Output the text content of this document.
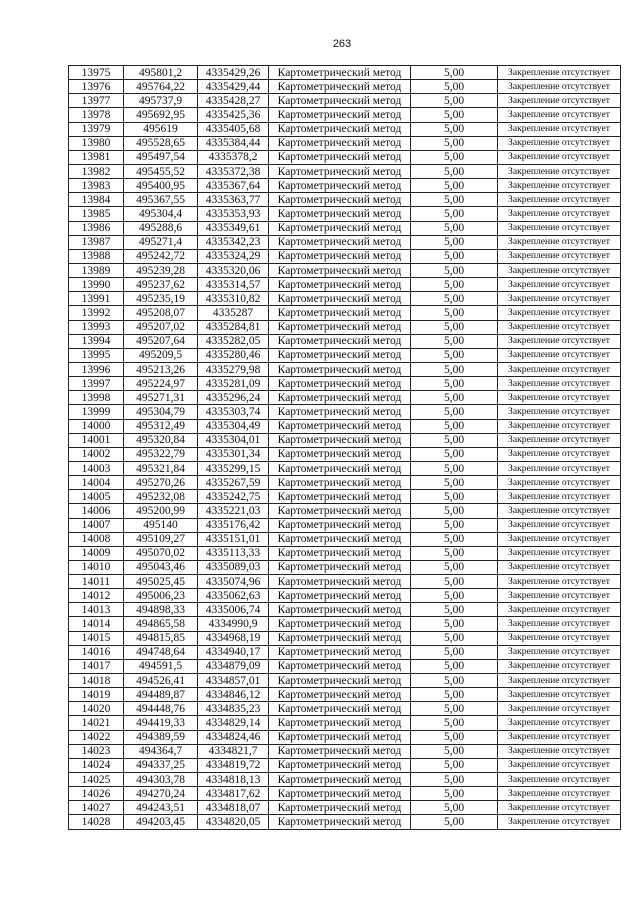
263
13975	495801,2	4335429,26	Картометрический метод	5,00	Закрепление отсутствует
13976	495764,22	4335429,44	Картометрический метод	5,00	Закрепление отсутствует
13977	495737,9	4335428,27	Картометрический метод	5,00	Закрепление отсутствует
13978	495692,95	4335425,36	Картометрический метод	5,00	Закрепление отсутствует
13979	495619	4335405,68	Картометрический метод	5,00	Закрепление отсутствует
13980	495528,65	4335384,44	Картометрический метод	5,00	Закрепление отсутствует
13981	495497,54	4335378,2	Картометрический метод	5,00	Закрепление отсутствует
13982	495455,52	4335372,38	Картометрический метод	5,00	Закрепление отсутствует
13983	495400,95	4335367,64	Картометрический метод	5,00	Закрепление отсутствует
13984	495367,55	4335363,77	Картометрический метод	5,00	Закрепление отсутствует
13985	495304,4	4335353,93	Картометрический метод	5,00	Закрепление отсутствует
13986	495288,6	4335349,61	Картометрический метод	5,00	Закрепление отсутствует
13987	495271,4	4335342,23	Картометрический метод	5,00	Закрепление отсутствует
13988	495242,72	4335324,29	Картометрический метод	5,00	Закрепление отсутствует
13989	495239,28	4335320,06	Картометрический метод	5,00	Закрепление отсутствует
13990	495237,62	4335314,57	Картометрический метод	5,00	Закрепление отсутствует
13991	495235,19	4335310,82	Картометрический метод	5,00	Закрепление отсутствует
13992	495208,07	4335287	Картометрический метод	5,00	Закрепление отсутствует
13993	495207,02	4335284,81	Картометрический метод	5,00	Закрепление отсутствует
13994	495207,64	4335282,05	Картометрический метод	5,00	Закрепление отсутствует
13995	495209,5	4335280,46	Картометрический метод	5,00	Закрепление отсутствует
13996	495213,26	4335279,98	Картометрический метод	5,00	Закрепление отсутствует
13997	495224,97	4335281,09	Картометрический метод	5,00	Закрепление отсутствует
13998	495271,31	4335296,24	Картометрический метод	5,00	Закрепление отсутствует
13999	495304,79	4335303,74	Картометрический метод	5,00	Закрепление отсутствует
14000	495312,49	4335304,49	Картометрический метод	5,00	Закрепление отсутствует
14001	495320,84	4335304,01	Картометрический метод	5,00	Закрепление отсутствует
14002	495322,79	4335301,34	Картометрический метод	5,00	Закрепление отсутствует
14003	495321,84	4335299,15	Картометрический метод	5,00	Закрепление отсутствует
14004	495270,26	4335267,59	Картометрический метод	5,00	Закрепление отсутствует
14005	495232,08	4335242,75	Картометрический метод	5,00	Закрепление отсутствует
14006	495200,99	4335221,03	Картометрический метод	5,00	Закрепление отсутствует
14007	495140	4335176,42	Картометрический метод	5,00	Закрепление отсутствует
14008	495109,27	4335151,01	Картометрический метод	5,00	Закрепление отсутствует
14009	495070,02	4335113,33	Картометрический метод	5,00	Закрепление отсутствует
14010	495043,46	4335089,03	Картометрический метод	5,00	Закрепление отсутствует
14011	495025,45	4335074,96	Картометрический метод	5,00	Закрепление отсутствует
14012	495006,23	4335062,63	Картометрический метод	5,00	Закрепление отсутствует
14013	494898,33	4335006,74	Картометрический метод	5,00	Закрепление отсутствует
14014	494865,58	4334990,9	Картометрический метод	5,00	Закрепление отсутствует
14015	494815,85	4334968,19	Картометрический метод	5,00	Закрепление отсутствует
14016	494748,64	4334940,17	Картометрический метод	5,00	Закрепление отсутствует
14017	494591,5	4334879,09	Картометрический метод	5,00	Закрепление отсутствует
14018	494526,41	4334857,01	Картометрический метод	5,00	Закрепление отсутствует
14019	494489,87	4334846,12	Картометрический метод	5,00	Закрепление отсутствует
14020	494448,76	4334835,23	Картометрический метод	5,00	Закрепление отсутствует
14021	494419,33	4334829,14	Картометрический метод	5,00	Закрепление отсутствует
14022	494389,59	4334824,46	Картометрический метод	5,00	Закрепление отсутствует
14023	494364,7	4334821,7	Картометрический метод	5,00	Закрепление отсутствует
14024	494337,25	4334819,72	Картометрический метод	5,00	Закрепление отсутствует
14025	494303,78	4334818,13	Картометрический метод	5,00	Закрепление отсутствует
14026	494270,24	4334817,62	Картометрический метод	5,00	Закрепление отсутствует
14027	494243,51	4334818,07	Картометрический метод	5,00	Закрепление отсутствует
14028	494203,45	4334820,05	Картометрический метод	5,00	Закрепление отсутствует
